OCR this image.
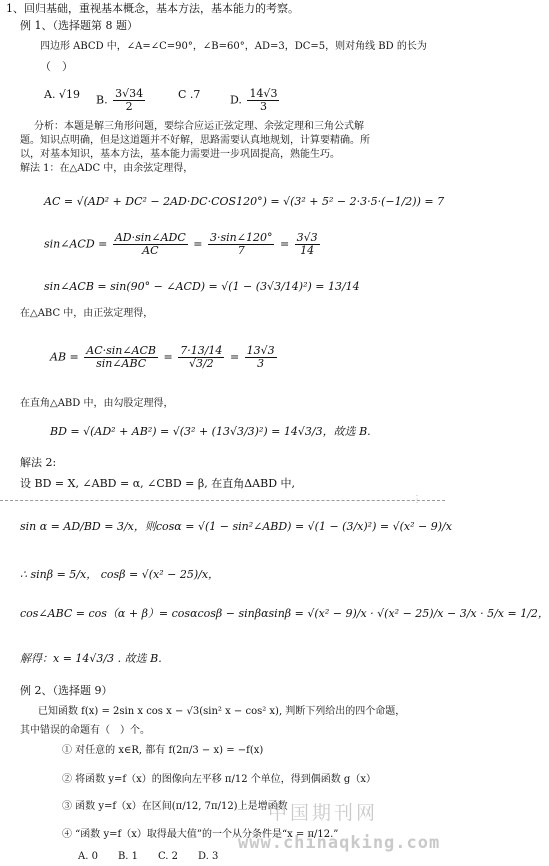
1、回归基础，重视基本概念，基本方法，基本能力的考察。
例 1、（选择题第 8 题）
四边形 ABCD 中，∠A=∠C=90°，∠B=60°，AD=3，DC=5，则对角线 BD 的长为
（　）
A. √19 B. $\frac{3√34}{2}$	C .7	D. $\frac{14√3}{3}$
分析：本题是解三角形问题，要综合应运正弦定理、余弦定理和三角公式解
题。知识点明确，但是这道题并不好解，思路需要认真地规划，计算要精确。所
以，对基本知识，基本方法，基本能力需要进一步巩固提高，熟能生巧。
解法 1：在△ADC 中，由余弦定理得，
AC = √(AD² + DC² − 2AD·DC·COS120°) = √(3² + 5² − 2·3·5·(−1/2)) = 7
sin∠ACD = $\frac{\text{AD·sin∠ADC}}{AC} = \frac{3\cdot\sin\angle 120^\circ}{7} = \frac{3√3}{14}$
sin∠ACB = sin(90° − ∠ACD) = √(1 − (3√3/14)²) = 13/14
在△ABC 中，由正弦定理得，
AB = $\frac{\text{AC·sin∠ACB}}{\text{sin∠ABC}} = \frac{7\cdot 13/14}{√3/2} = \frac{13√3}{3}$
在直角△ABD 中，由勾股定理得，
BD = √(AD² + AB²) = √(3² + (13√3/3)²) = 14√3/3，故选 B.
解法 2:
设 BD = X, ∠ABD = α, ∠CBD = β, 在直角ΔABD 中,
⋮
sin α = AD/BD = 3/x，则cosα = √(1 − sin²∠ABD) = √(1 − (3/x)²) = √(x² − 9)/x
∴ sinβ = 5/x， cosβ = √(x² − 25)/x，
cos∠ABC = cos（α + β）= cosαcosβ − sinβαsinβ = √(x² − 9)/x · √(x² − 25)/x − 3/x · 5/x = 1/2，
解得：x = 14√3/3 . 故选 B.
例 2、（选择题 9）
已知函数 f(x) = 2sin x cos x − √3(sin² x − cos² x), 判断下列给出的四个命题，
其中错误的命题有（　）个。
① 对任意的 x∈R, 都有 f(2π/3 − x) = −f(x)
② 将函数 y=f（x）的图像向左平移 π/12 个单位，得到偶函数 g（x）
③ 函数 y=f（x）在区间(π/12, 7π/12)上是增函数
④ “函数 y=f（x）取得最大值”的一个从分条件是“x = π/12.”
A. 0　　B. 1　　C. 2　　D. 3
中国期刊网
www.chinaqking.com
